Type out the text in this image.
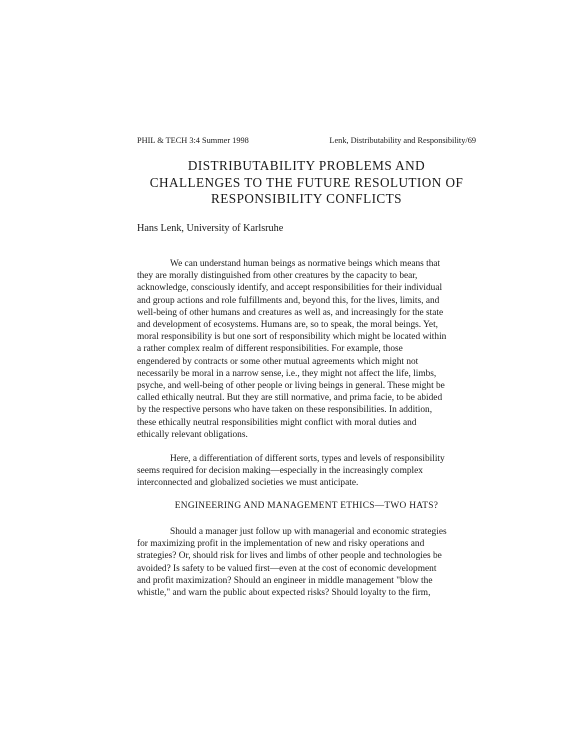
PHIL & TECH 3:4 Summer 1998	Lenk, Distributability and Responsibility/69
DISTRIBUTABILITY PROBLEMS AND
CHALLENGES TO THE FUTURE RESOLUTION OF
RESPONSIBILITY CONFLICTS
Hans Lenk, University of Karlsruhe
We can understand human beings as normative beings which means that
they are morally distinguished from other creatures by the capacity to bear,
acknowledge, consciously identify, and accept responsibilities for their individual
and group actions and role fulfillments and, beyond this, for the lives, limits, and
well-being of other humans and creatures as well as, and increasingly for the state
and development of ecosystems. Humans are, so to speak, the moral beings. Yet,
moral responsibility is but one sort of responsibility which might be located within
a rather complex realm of different responsibilities. For example, those
engendered by contracts or some other mutual agreements which might not
necessarily be moral in a narrow sense, i.e., they might not affect the life, limbs,
psyche, and well-being of other people or living beings in general. These might be
called ethically neutral. But they are still normative, and prima facie, to be abided
by the respective persons who have taken on these responsibilities. In addition,
these ethically neutral responsibilities might conflict with moral duties and
ethically relevant obligations.
Here, a differentiation of different sorts, types and levels of responsibility
seems required for decision making—especially in the increasingly complex
interconnected and globalized societies we must anticipate.
ENGINEERING AND MANAGEMENT ETHICS—TWO HATS?
Should a manager just follow up with managerial and economic strategies
for maximizing profit in the implementation of new and risky operations and
strategies? Or, should risk for lives and limbs of other people and technologies be
avoided? Is safety to be valued first—even at the cost of economic development
and profit maximization? Should an engineer in middle management "blow the
whistle," and warn the public about expected risks? Should loyalty to the firm,
